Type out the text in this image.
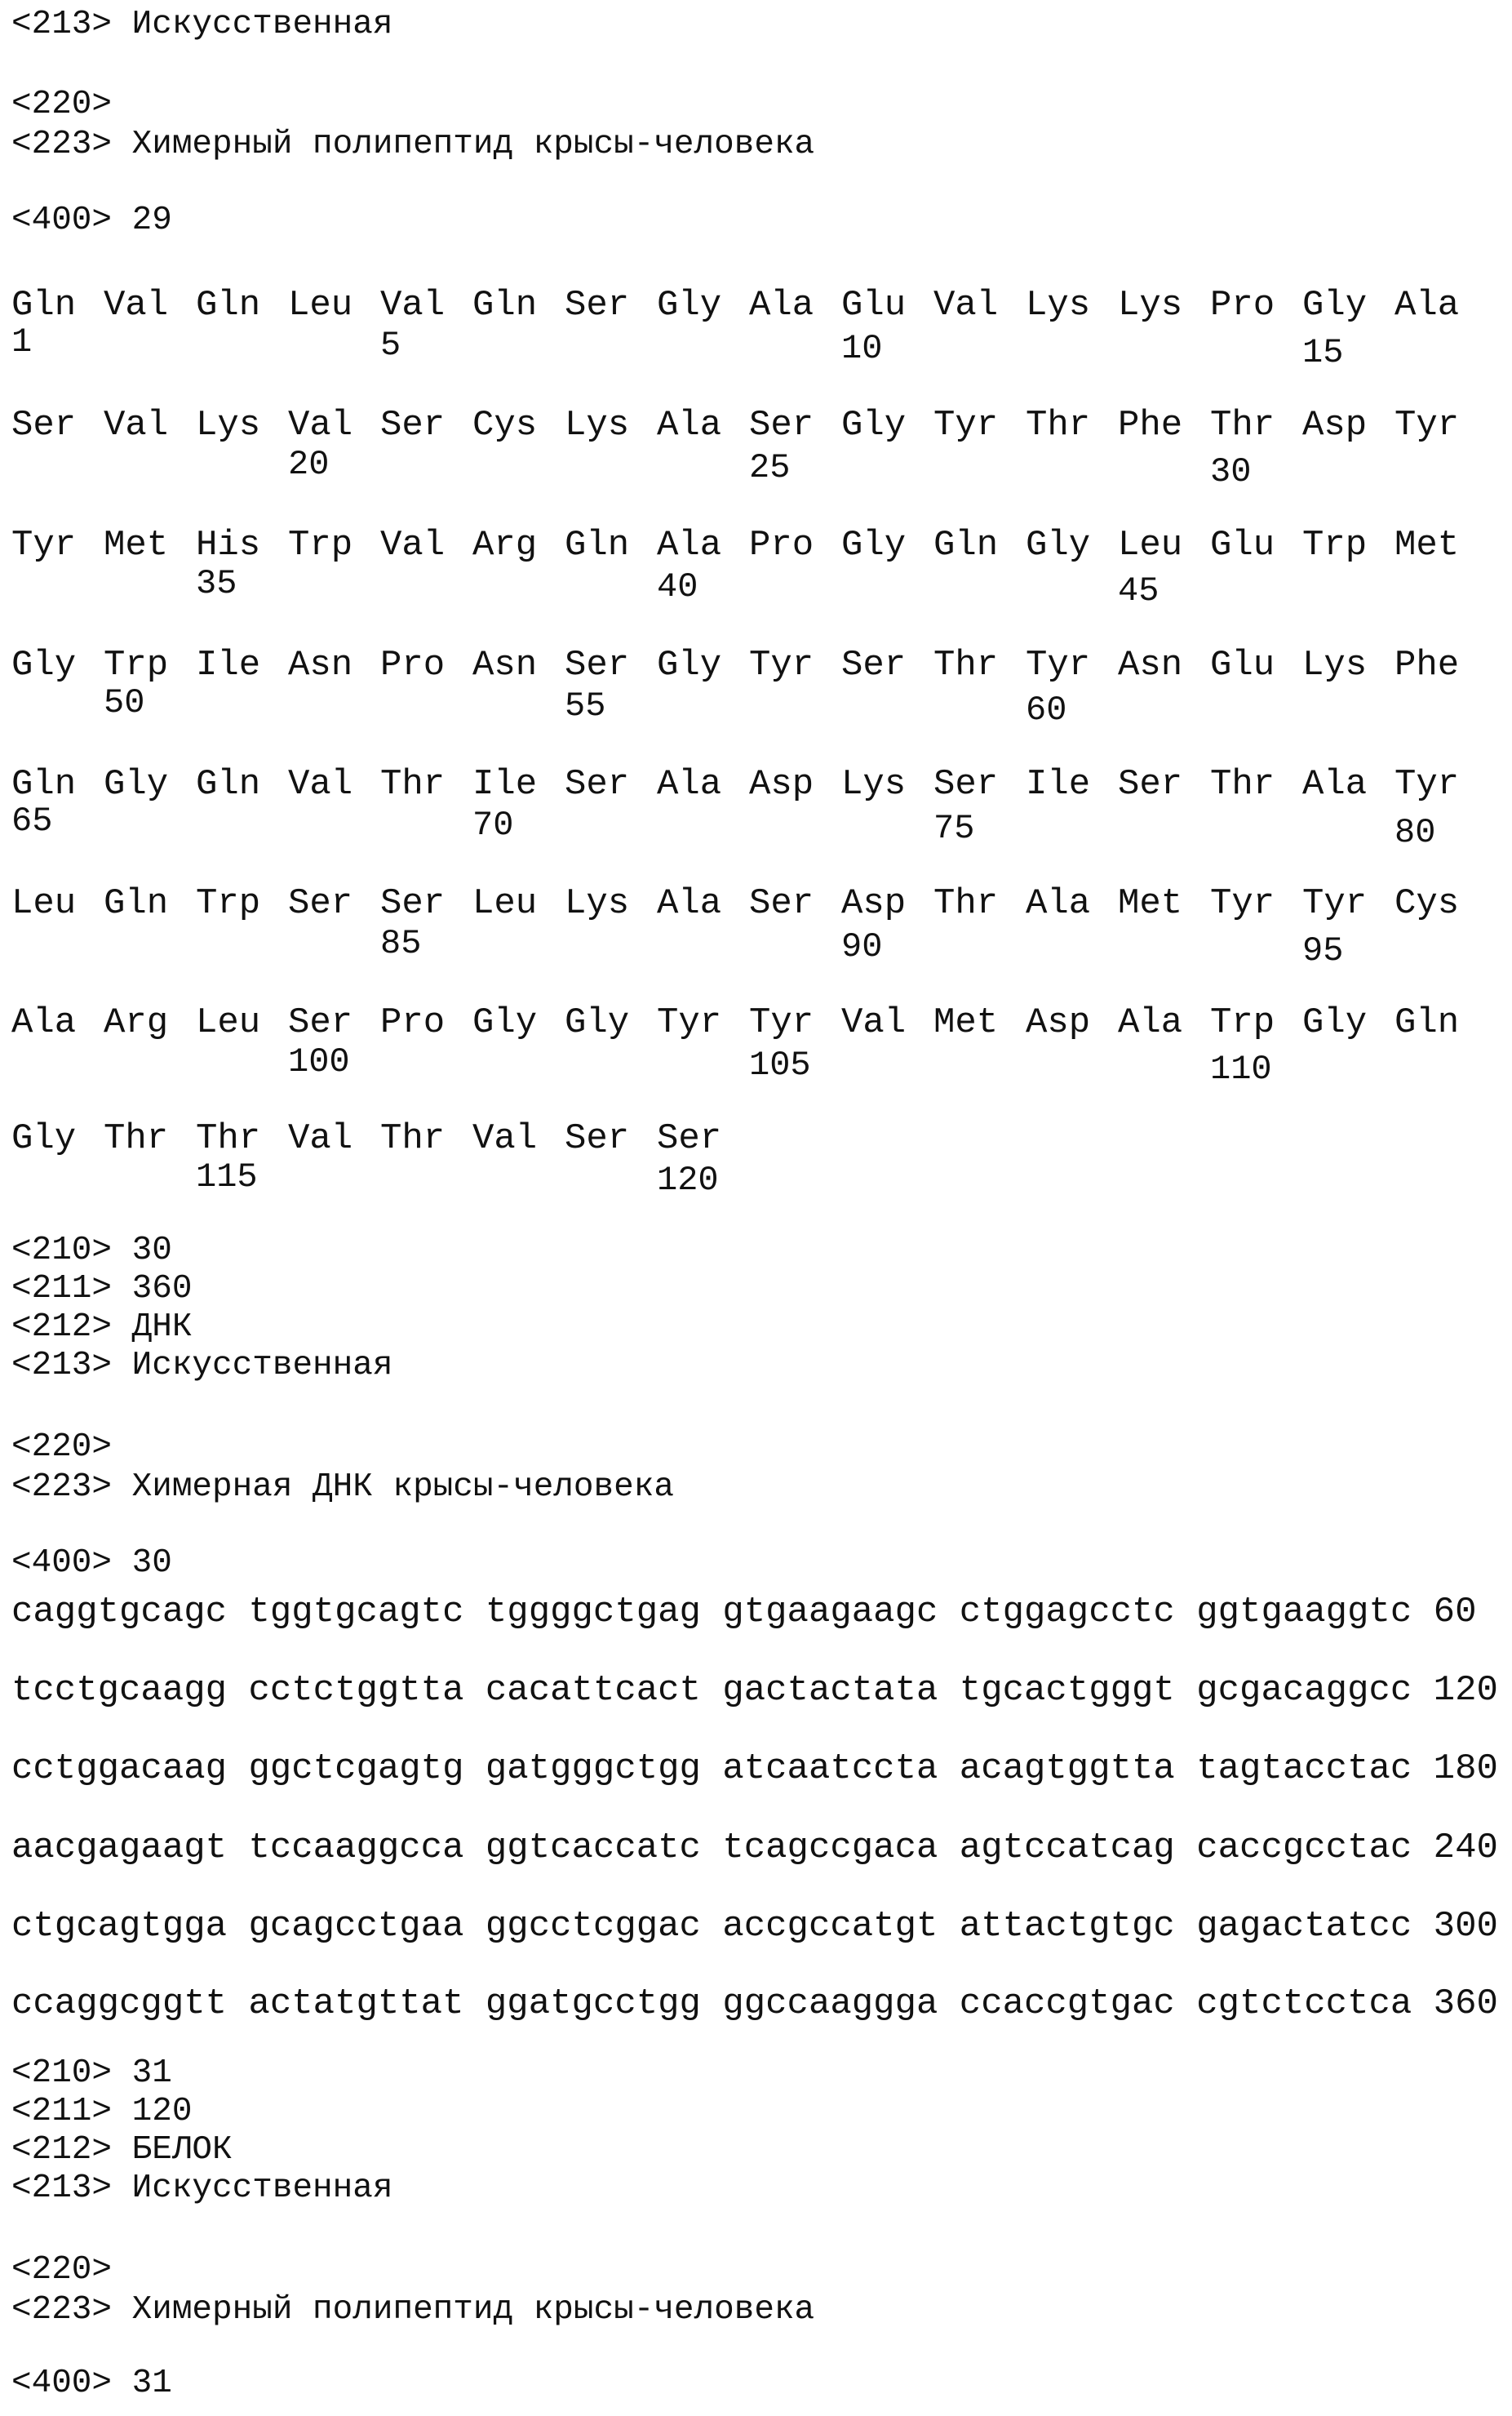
<213> Искусственная
<220>
<223> Химерный полипептид крысы-человека
<400> 29
Gln Val Gln Leu Val Gln Ser Gly Ala Glu Val Lys Lys Pro Gly Ala
1	5	10	15
Ser Val Lys Val Ser Cys Lys Ala Ser Gly Tyr Thr Phe Thr Asp Tyr
20	25	30
Tyr Met His Trp Val Arg Gln Ala Pro Gly Gln Gly Leu Glu Trp Met
35	40	45
Gly Trp Ile Asn Pro Asn Ser Gly Tyr Ser Thr Tyr Asn Glu Lys Phe
50	55	60
Gln Gly Gln Val Thr Ile Ser Ala Asp Lys Ser Ile Ser Thr Ala Tyr
65	70	75	80
Leu Gln Trp Ser Ser Leu Lys Ala Ser Asp Thr Ala Met Tyr Tyr Cys
85	90	95
Ala Arg Leu Ser Pro Gly Gly Tyr Tyr Val Met Asp Ala Trp Gly Gln
100	105	110
Gly Thr Thr Val Thr Val Ser Ser
115	120
<210> 30
<211> 360
<212> ДНК
<213> Искусственная
<220>
<223> Химерная ДНК крысы-человека
<400> 30
caggtgcagc tggtgcagtc tggggctgag gtgaagaagc ctggagcctc ggtgaaggtc 60
tcctgcaagg cctctggtta cacattcact gactactata tgcactgggt gcgacaggcc 120
cctggacaag ggctcgagtg gatgggctgg atcaatccta acagtggtta tagtacctac 180
aacgagaagt tccaaggcca ggtcaccatc tcagccgaca agtccatcag caccgcctac 240
ctgcagtgga gcagcctgaa ggcctcggac accgccatgt attactgtgc gagactatcc 300
ccaggcggtt actatgttat ggatgcctgg ggccaaggga ccaccgtgac cgtctcctca 360
<210> 31
<211> 120
<212> БЕЛОК
<213> Искусственная
<220>
<223> Химерный полипептид крысы-человека
<400> 31
